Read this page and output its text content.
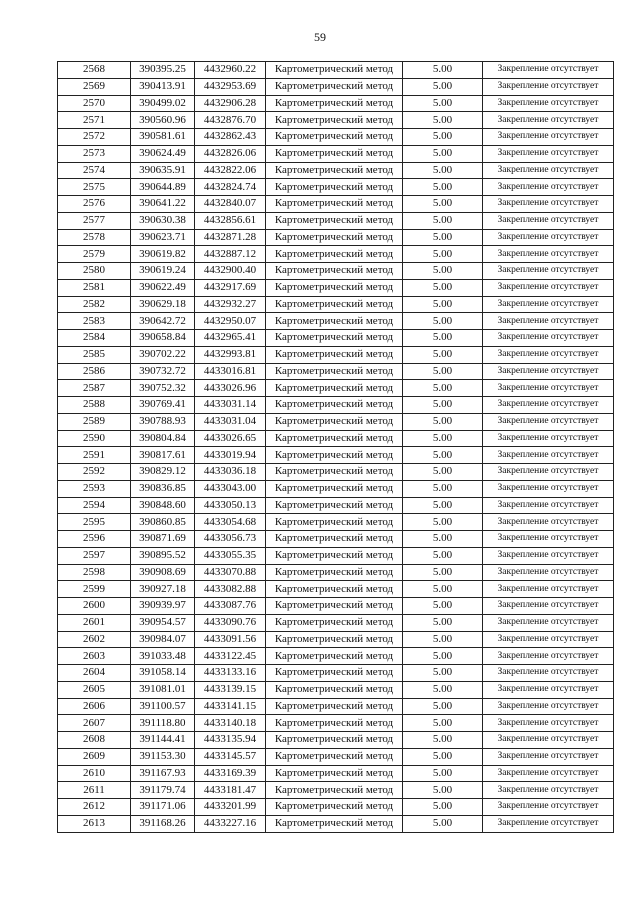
59
2568	390395.25	4432960.22	Картометрический метод	5.00	Закрепление отсутствует
2569	390413.91	4432953.69	Картометрический метод	5.00	Закрепление отсутствует
2570	390499.02	4432906.28	Картометрический метод	5.00	Закрепление отсутствует
2571	390560.96	4432876.70	Картометрический метод	5.00	Закрепление отсутствует
2572	390581.61	4432862.43	Картометрический метод	5.00	Закрепление отсутствует
2573	390624.49	4432826.06	Картометрический метод	5.00	Закрепление отсутствует
2574	390635.91	4432822.06	Картометрический метод	5.00	Закрепление отсутствует
2575	390644.89	4432824.74	Картометрический метод	5.00	Закрепление отсутствует
2576	390641.22	4432840.07	Картометрический метод	5.00	Закрепление отсутствует
2577	390630.38	4432856.61	Картометрический метод	5.00	Закрепление отсутствует
2578	390623.71	4432871.28	Картометрический метод	5.00	Закрепление отсутствует
2579	390619.82	4432887.12	Картометрический метод	5.00	Закрепление отсутствует
2580	390619.24	4432900.40	Картометрический метод	5.00	Закрепление отсутствует
2581	390622.49	4432917.69	Картометрический метод	5.00	Закрепление отсутствует
2582	390629.18	4432932.27	Картометрический метод	5.00	Закрепление отсутствует
2583	390642.72	4432950.07	Картометрический метод	5.00	Закрепление отсутствует
2584	390658.84	4432965.41	Картометрический метод	5.00	Закрепление отсутствует
2585	390702.22	4432993.81	Картометрический метод	5.00	Закрепление отсутствует
2586	390732.72	4433016.81	Картометрический метод	5.00	Закрепление отсутствует
2587	390752.32	4433026.96	Картометрический метод	5.00	Закрепление отсутствует
2588	390769.41	4433031.14	Картометрический метод	5.00	Закрепление отсутствует
2589	390788.93	4433031.04	Картометрический метод	5.00	Закрепление отсутствует
2590	390804.84	4433026.65	Картометрический метод	5.00	Закрепление отсутствует
2591	390817.61	4433019.94	Картометрический метод	5.00	Закрепление отсутствует
2592	390829.12	4433036.18	Картометрический метод	5.00	Закрепление отсутствует
2593	390836.85	4433043.00	Картометрический метод	5.00	Закрепление отсутствует
2594	390848.60	4433050.13	Картометрический метод	5.00	Закрепление отсутствует
2595	390860.85	4433054.68	Картометрический метод	5.00	Закрепление отсутствует
2596	390871.69	4433056.73	Картометрический метод	5.00	Закрепление отсутствует
2597	390895.52	4433055.35	Картометрический метод	5.00	Закрепление отсутствует
2598	390908.69	4433070.88	Картометрический метод	5.00	Закрепление отсутствует
2599	390927.18	4433082.88	Картометрический метод	5.00	Закрепление отсутствует
2600	390939.97	4433087.76	Картометрический метод	5.00	Закрепление отсутствует
2601	390954.57	4433090.76	Картометрический метод	5.00	Закрепление отсутствует
2602	390984.07	4433091.56	Картометрический метод	5.00	Закрепление отсутствует
2603	391033.48	4433122.45	Картометрический метод	5.00	Закрепление отсутствует
2604	391058.14	4433133.16	Картометрический метод	5.00	Закрепление отсутствует
2605	391081.01	4433139.15	Картометрический метод	5.00	Закрепление отсутствует
2606	391100.57	4433141.15	Картометрический метод	5.00	Закрепление отсутствует
2607	391118.80	4433140.18	Картометрический метод	5.00	Закрепление отсутствует
2608	391144.41	4433135.94	Картометрический метод	5.00	Закрепление отсутствует
2609	391153.30	4433145.57	Картометрический метод	5.00	Закрепление отсутствует
2610	391167.93	4433169.39	Картометрический метод	5.00	Закрепление отсутствует
2611	391179.74	4433181.47	Картометрический метод	5.00	Закрепление отсутствует
2612	391171.06	4433201.99	Картометрический метод	5.00	Закрепление отсутствует
2613	391168.26	4433227.16	Картометрический метод	5.00	Закрепление отсутствует
